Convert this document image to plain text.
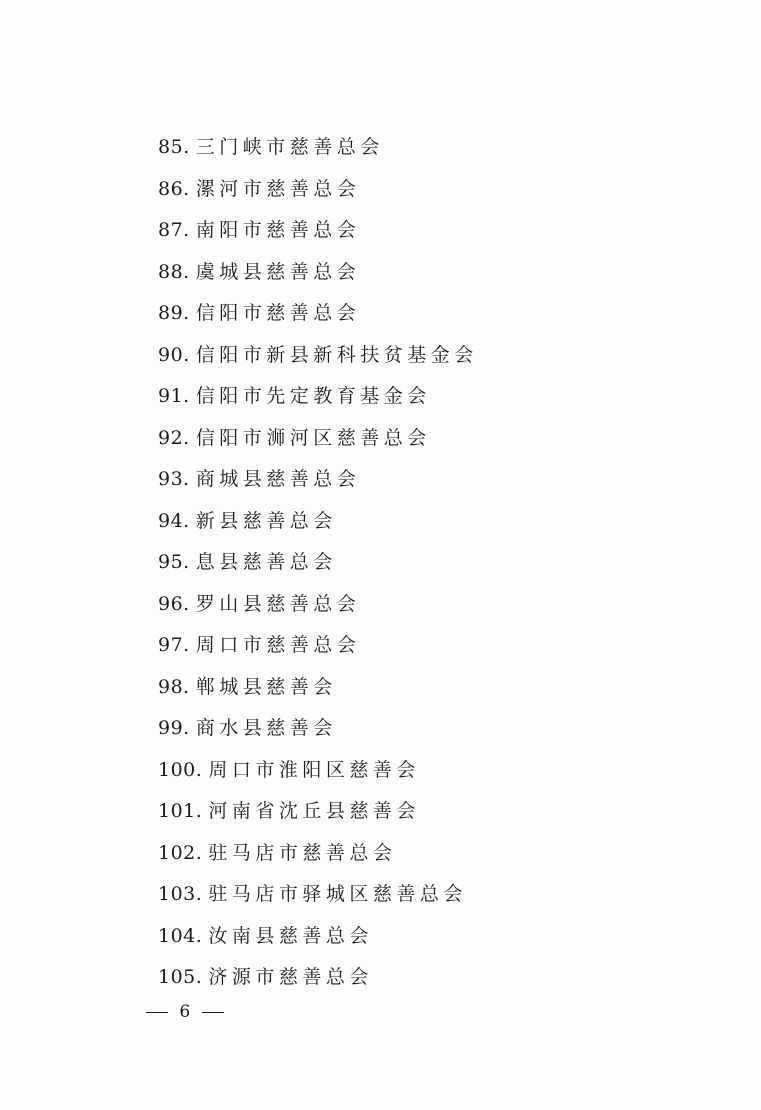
85. 三门峡市慈善总会
86. 漯河市慈善总会
87. 南阳市慈善总会
88. 虞城县慈善总会
89. 信阳市慈善总会
90. 信阳市新县新科扶贫基金会
91. 信阳市先定教育基金会
92. 信阳市浉河区慈善总会
93. 商城县慈善总会
94. 新县慈善总会
95. 息县慈善总会
96. 罗山县慈善总会
97. 周口市慈善总会
98. 郸城县慈善会
99. 商水县慈善会
100. 周口市淮阳区慈善会
101. 河南省沈丘县慈善会
102. 驻马店市慈善总会
103. 驻马店市驿城区慈善总会
104. 汝南县慈善总会
105. 济源市慈善总会
6
